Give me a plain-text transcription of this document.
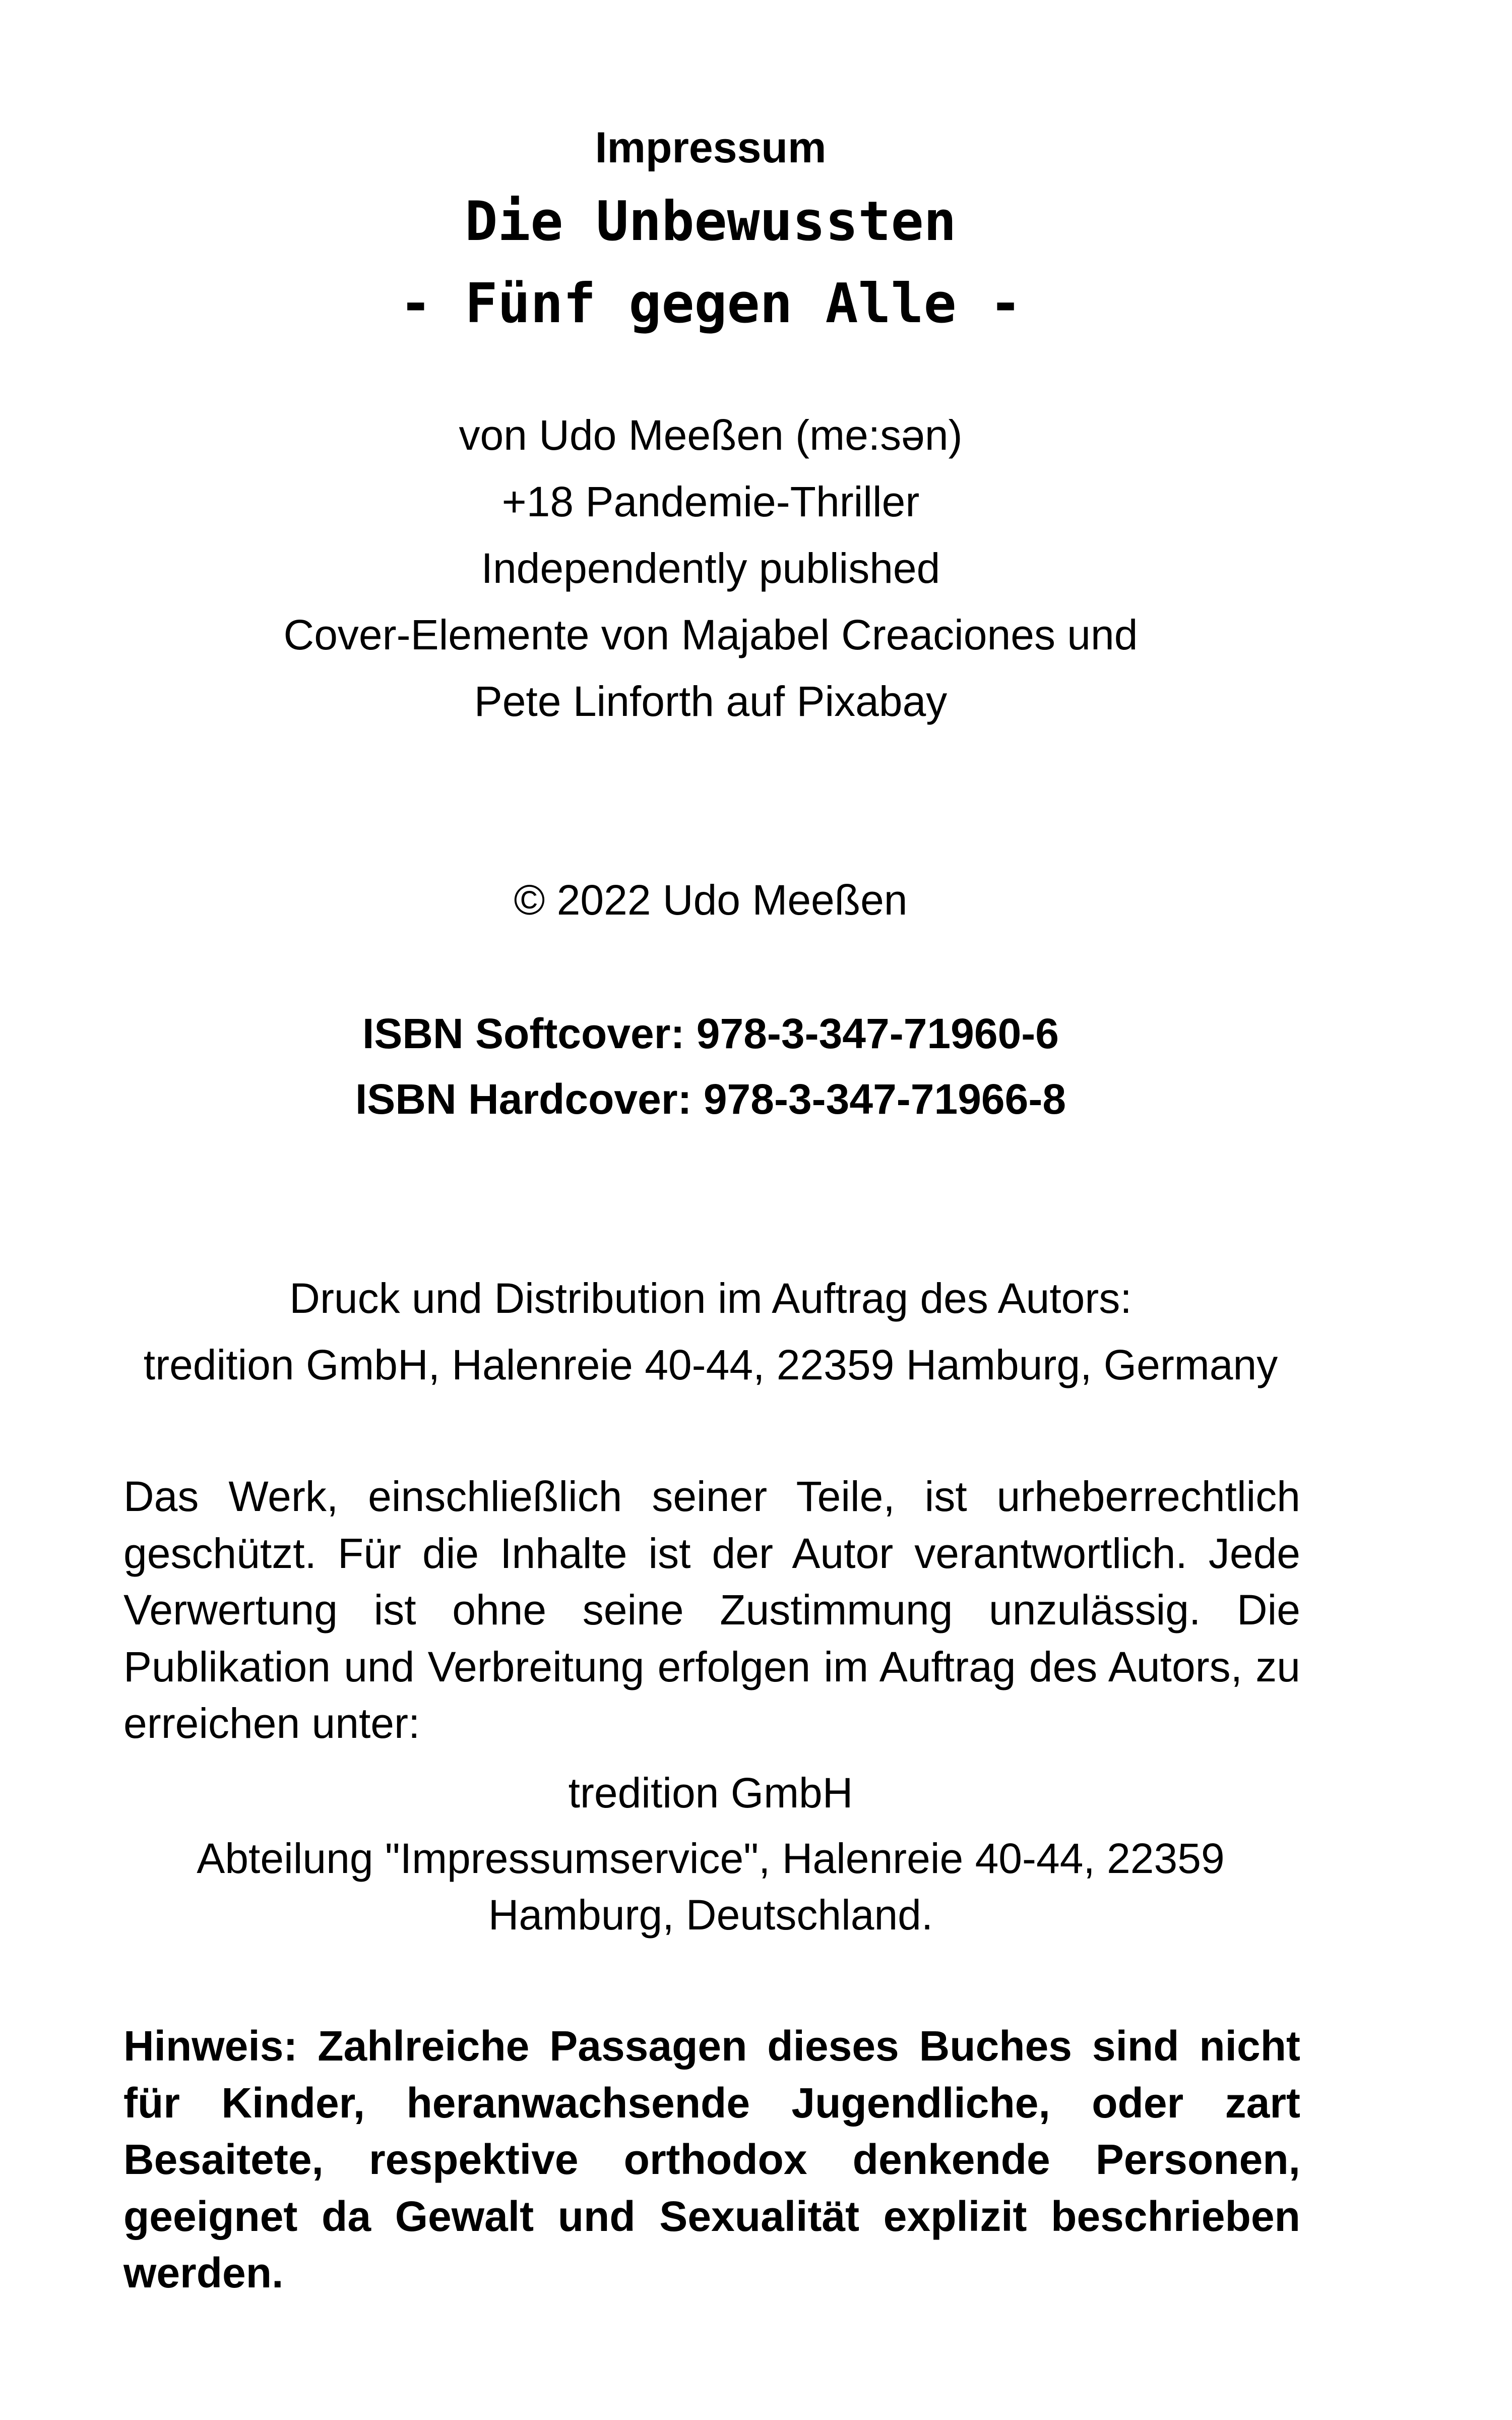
Impressum
Die Unbewussten
- Fünf gegen Alle -
von Udo Meeßen (me:sən)
+18 Pandemie-Thriller
Independently published
Cover-Elemente von Majabel Creaciones und
Pete Linforth auf Pixabay
© 2022 Udo Meeßen
ISBN Softcover: 978-3-347-71960-6
ISBN Hardcover: 978-3-347-71966-8
Druck und Distribution im Auftrag des Autors:
tredition GmbH, Halenreie 40-44, 22359 Hamburg, Germany
Das Werk, einschließlich seiner Teile, ist urheberrechtlich geschützt. Für die Inhalte ist der Autor verantwortlich. Jede Verwertung ist ohne seine Zustimmung unzulässig. Die Publikation und Verbreitung erfolgen im Auftrag des Autors, zu erreichen unter:
tredition GmbH
Abteilung "Impressumservice", Halenreie 40-44, 22359
Hamburg, Deutschland.
Hinweis: Zahlreiche Passagen dieses Buches sind nicht für Kinder, heranwachsende Jugendliche, oder zart Besaitete, respektive orthodox denkende Personen, geeignet da Gewalt und Sexualität explizit beschrieben werden.
